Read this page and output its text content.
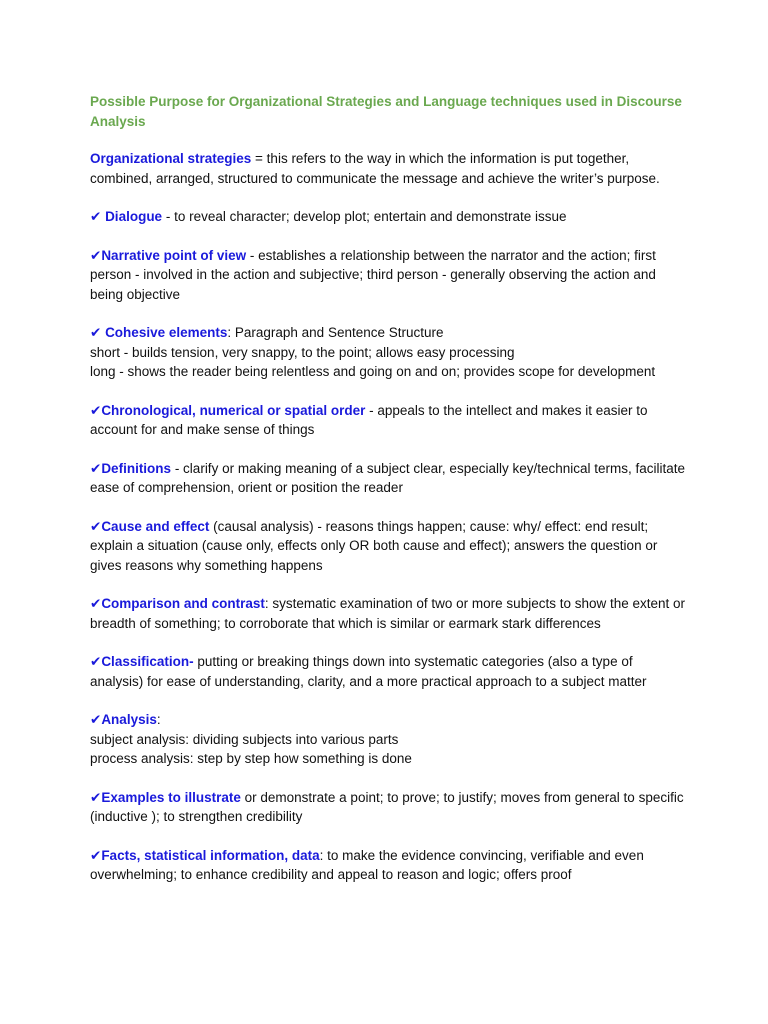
Possible Purpose for Organizational Strategies and Language techniques used in Discourse Analysis

Organizational strategies = this refers to the way in which the information is put together, combined, arranged, structured to communicate the message and achieve the writer’s purpose.

✔ Dialogue - to reveal character; develop plot; entertain and demonstrate issue

✔Narrative point of view - establishes a relationship between the narrator and the action; first person - involved in the action and subjective; third person - generally observing the action and being objective

✔ Cohesive elements: Paragraph and Sentence Structure
short - builds tension, very snappy, to the point; allows easy processing
long - shows the reader being relentless and going on and on; provides scope for development

✔Chronological, numerical or spatial order - appeals to the intellect and makes it easier to account for and make sense of things

✔Definitions - clarify or making meaning of a subject clear, especially key/technical terms, facilitate ease of comprehension, orient or position the reader

✔Cause and effect (causal analysis) - reasons things happen; cause: why/ effect: end result; explain a situation (cause only, effects only OR both cause and effect); answers the question or gives reasons why something happens

✔Comparison and contrast: systematic examination of two or more subjects to show the extent or breadth of something; to corroborate that which is similar or earmark stark differences

✔Classification- putting or breaking things down into systematic categories (also a type of analysis) for ease of understanding, clarity, and a more practical approach to a subject matter

✔Analysis:
subject analysis: dividing subjects into various parts
process analysis: step by step how something is done

✔Examples to illustrate or demonstrate a point; to prove; to justify; moves from general to specific (inductive ); to strengthen credibility

✔Facts, statistical information, data: to make the evidence convincing, verifiable and even overwhelming; to enhance credibility and appeal to reason and logic; offers proof
